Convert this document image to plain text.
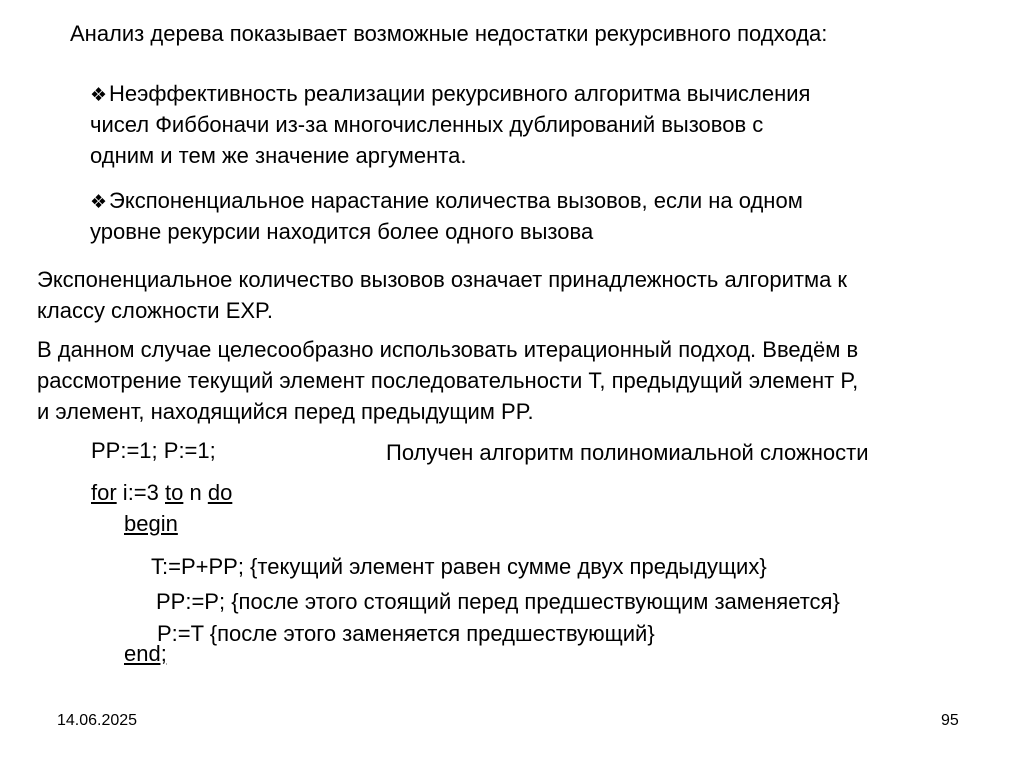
Анализ дерева показывает возможные недостатки рекурсивного подхода:
❖Неэффективность реализации рекурсивного алгоритма вычисления
чисел Фиббоначи из-за многочисленных дублирований вызовов с
одним и тем же значение аргумента.
❖Экспоненциальное нарастание количества вызовов, если на одном
уровне рекурсии находится более одного вызова
Экспоненциальное количество вызовов означает принадлежность алгоритма к
классу сложности EXP.
В данном случае целесообразно использовать итерационный подход. Введём в
рассмотрение текущий элемент последовательности T, предыдущий элемент P,
и элемент, находящийся перед предыдущим PP.
PP:=1; P:=1;
for i:=3 to n do
begin
T:=P+PP; {текущий элемент равен сумме двух предыдущих}
PP:=P; {после этого стоящий перед предшествующим заменяется}
P:=T {после этого заменяется предшествующий}
end;
Получен алгоритм полиномиальной сложности
14.06.2025	95
